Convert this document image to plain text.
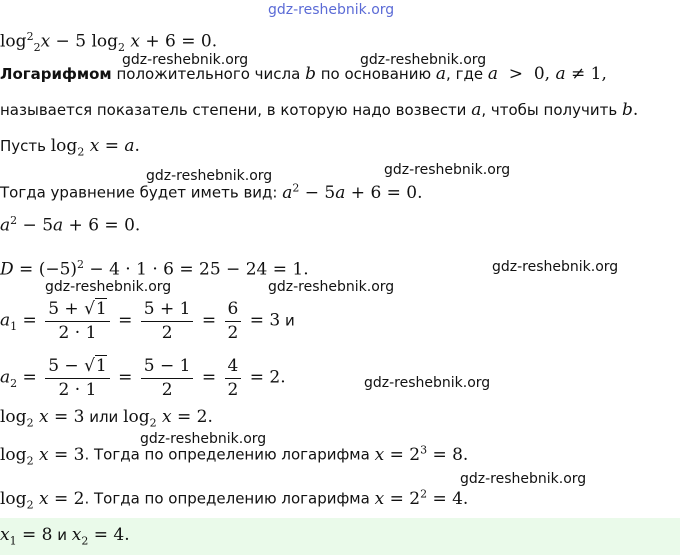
gdz-reshebnik.org
$\log^2_2x - 5$ $\log_2 x + 6 = 0$.
Логарифмом положительного числа b по основанию a, где a  >  0, a ≠ 1,
называется показатель степени, в которую надо возвести a, чтобы получить b.
Пусть $\log_2 x = a$.
Тогда уравнение будет иметь вид: $a^2 - 5a + 6 = 0$.
$a^2 - 5a + 6 = 0$.
$D = (-5)^2 - 4 \cdot 1 \cdot 6 = 25 - 24 = 1$.
$a_1 = \frac{5 + √1}{2 \cdot 1} = \frac{5 + 1}{2} = \frac{6}{2} = 3$ и
$a_2 = \frac{5 - √1}{2 \cdot 1} = \frac{5 - 1}{2} = \frac{4}{2} = 2$.
$\log_2 x = 3$ или $\log_2 x = 2$.
$\log_2 x = 3$. Тогда по определению логарифма $x = 2^3 = 8$.
$\log_2 x = 2$. Тогда по определению логарифма $x = 2^2 = 4$.
$x_1 = 8$ и $x_2 = 4$.
gdz-reshebnik.org	gdz-reshebnik.org
gdz-reshebnik.org	gdz-reshebnik.org
gdz-reshebnik.org
gdz-reshebnik.org	gdz-reshebnik.org
gdz-reshebnik.org
gdz-reshebnik.org
gdz-reshebnik.org
